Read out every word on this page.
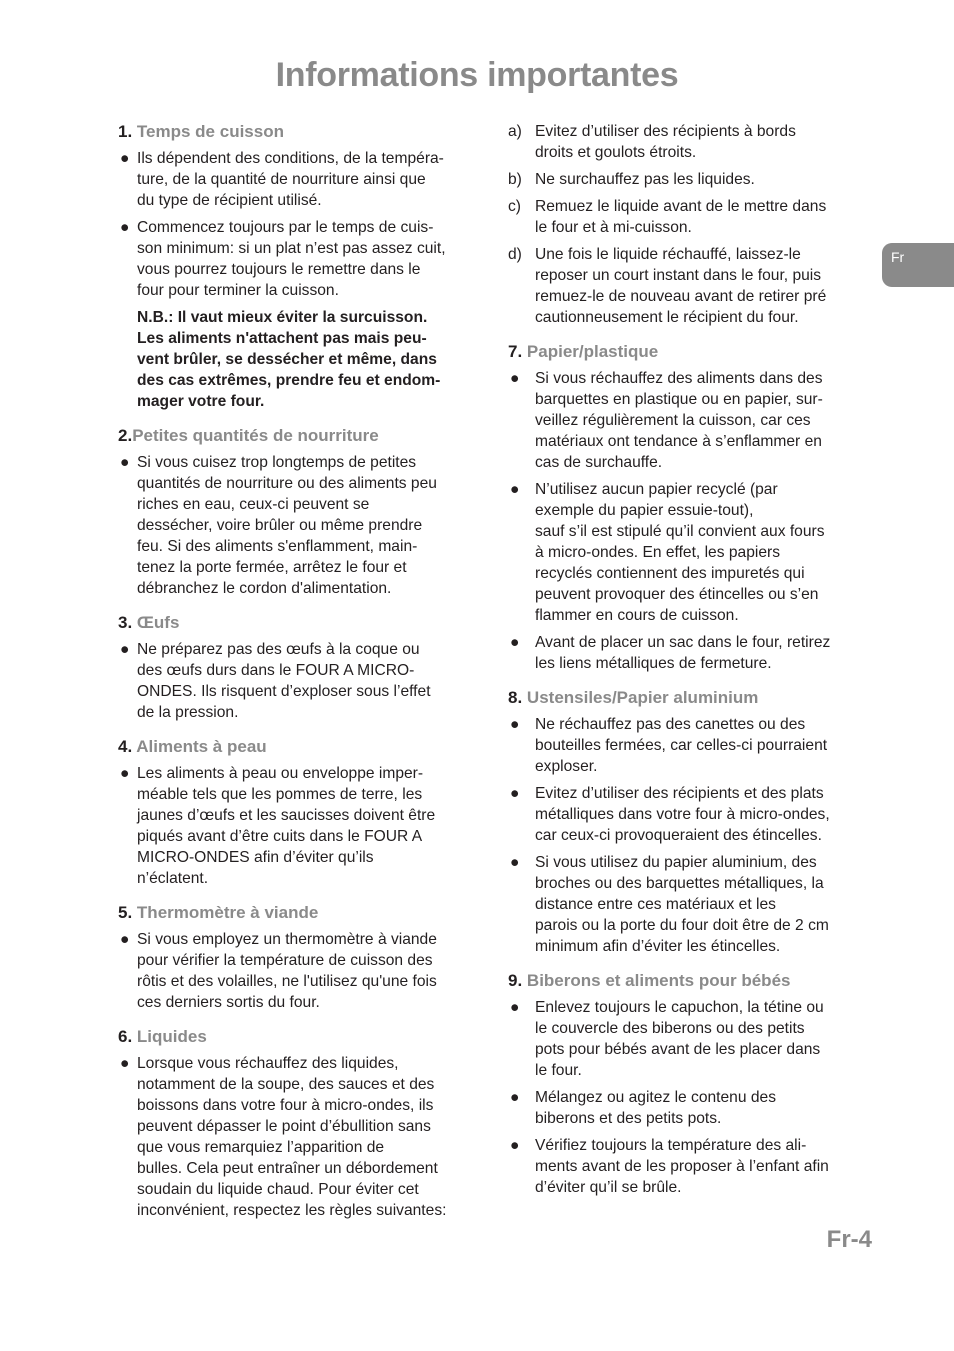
Informations importantes
Fr
1. Temps de cuisson
● Ils dépendent des conditions, de la tempéra-
ture, de la quantité de nourriture ainsi que
du type de récipient utilisé.
● Commencez toujours par le temps de cuis-
son minimum: si un plat n’est pas assez cuit,
vous pourrez toujours le remettre dans le
four pour terminer la cuisson.
N.B.: Il vaut mieux éviter la surcuisson.
Les aliments n'attachent pas mais peu-
vent brûler, se dessécher et même, dans
des cas extrêmes, prendre feu et endom-
mager votre four.
2.Petites quantités de nourriture
● Si vous cuisez trop longtemps de petites
quantités de nourriture ou des aliments peu
riches en eau, ceux-ci peuvent se
dessécher, voire brûler ou même prendre
feu. Si des aliments s'enflamment, main-
tenez la porte fermée, arrêtez le four et
débranchez le cordon d'alimentation.
3. Œufs
● Ne préparez pas des œufs à la coque ou
des œufs durs dans le FOUR A MICRO-
ONDES. Ils risquent d’exploser sous l’effet
de la pression.
4. Aliments à peau
● Les aliments à peau ou enveloppe imper-
méable tels que les pommes de terre, les
jaunes d’œufs et les saucisses doivent être
piqués avant d’être cuits dans le FOUR A
MICRO-ONDES afin d’éviter qu’ils
n’éclatent.
5. Thermomètre à viande
● Si vous employez un thermomètre à viande
pour vérifier la température de cuisson des
rôtis et des volailles, ne l'utilisez qu'une fois
ces derniers sortis du four.
6. Liquides
● Lorsque vous réchauffez des liquides,
notamment de la soupe, des sauces et des
boissons dans votre four à micro-ondes, ils
peuvent dépasser le point d’ébullition sans
que vous remarquiez l’apparition de
bulles. Cela peut entraîner un débordement
soudain du liquide chaud. Pour éviter cet
inconvénient, respectez les règles suivantes:
a) Evitez d’utiliser des récipients à bords
droits et goulots étroits.
b) Ne surchauffez pas les liquides.
c) Remuez le liquide avant de le mettre dans
le four et à mi-cuisson.
d) Une fois le liquide réchauffé, laissez-le
reposer un court instant dans le four, puis
remuez-le de nouveau avant de retirer pré
cautionneusement le récipient du four.
7. Papier/plastique
● Si vous réchauffez des aliments dans des
barquettes en plastique ou en papier, sur-
veillez régulièrement la cuisson, car ces
matériaux ont tendance à s’enflammer en
cas de surchauffe.
● N’utilisez aucun papier recyclé (par
exemple du papier essuie-tout),
sauf s’il est stipulé qu’il convient aux fours
à micro-ondes. En effet, les papiers
recyclés contiennent des impuretés qui
peuvent provoquer des étincelles ou s’en
flammer en cours de cuisson.
● Avant de placer un sac dans le four, retirez
les liens métalliques de fermeture.
8. Ustensiles/Papier aluminium
● Ne réchauffez pas des canettes ou des
bouteilles fermées, car celles-ci pourraient
exploser.
● Evitez d’utiliser des récipients et des plats
métalliques dans votre four à micro-ondes,
car ceux-ci provoqueraient des étincelles.
● Si vous utilisez du papier aluminium, des
broches ou des barquettes métalliques, la
distance entre ces matériaux et les
parois ou la porte du four doit être de 2 cm
minimum afin d’éviter les étincelles.
9. Biberons et aliments pour bébés
● Enlevez toujours le capuchon, la tétine ou
le couvercle des biberons ou des petits
pots pour bébés avant de les placer dans
le four.
● Mélangez ou agitez le contenu des
biberons et des petits pots.
● Vérifiez toujours la température des ali-
ments avant de les proposer à l’enfant afin
d’éviter qu’il se brûle.
Fr-4
